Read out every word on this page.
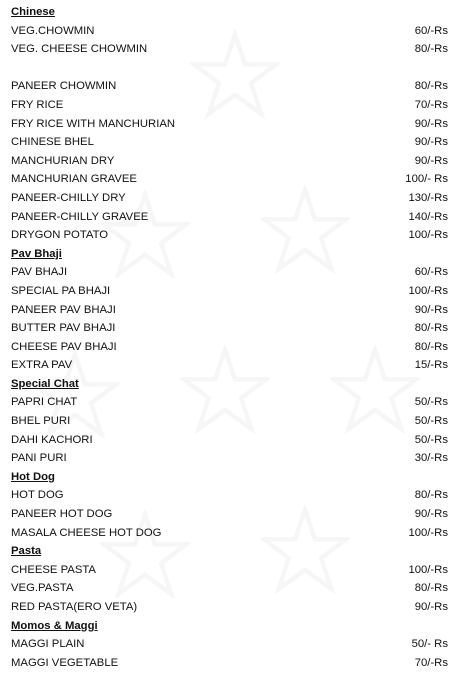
Chinese
VEG.CHOWMIN	60/-Rs
VEG. CHEESE CHOWMIN	80/-Rs
PANEER CHOWMIN	80/-Rs
FRY RICE	70/-Rs
FRY RICE WITH MANCHURIAN	90/-Rs
CHINESE BHEL	90/-Rs
MANCHURIAN DRY	90/-Rs
MANCHURIAN GRAVEE	100/- Rs
PANEER-CHILLY DRY	130/-Rs
PANEER-CHILLY GRAVEE	140/-Rs
DRYGON POTATO	100/-Rs
Pav Bhaji
PAV BHAJI	60/-Rs
SPECIAL PA BHAJI	100/-Rs
PANEER PAV BHAJI	90/-Rs
BUTTER PAV BHAJI	80/-Rs
CHEESE PAV BHAJI	80/-Rs
EXTRA PAV	15/-Rs
Special Chat
PAPRI CHAT	50/-Rs
BHEL PURI	50/-Rs
DAHI KACHORI	50/-Rs
PANI PURI	30/-Rs
Hot Dog
HOT DOG	80/-Rs
PANEER HOT DOG	90/-Rs
MASALA CHEESE HOT DOG	100/-Rs
Pasta
CHEESE PASTA	100/-Rs
VEG.PASTA	80/-Rs
RED PASTA(ERO VETA)	90/-Rs
Momos & Maggi
MAGGI PLAIN	50/- Rs
MAGGI VEGETABLE	70/-Rs
